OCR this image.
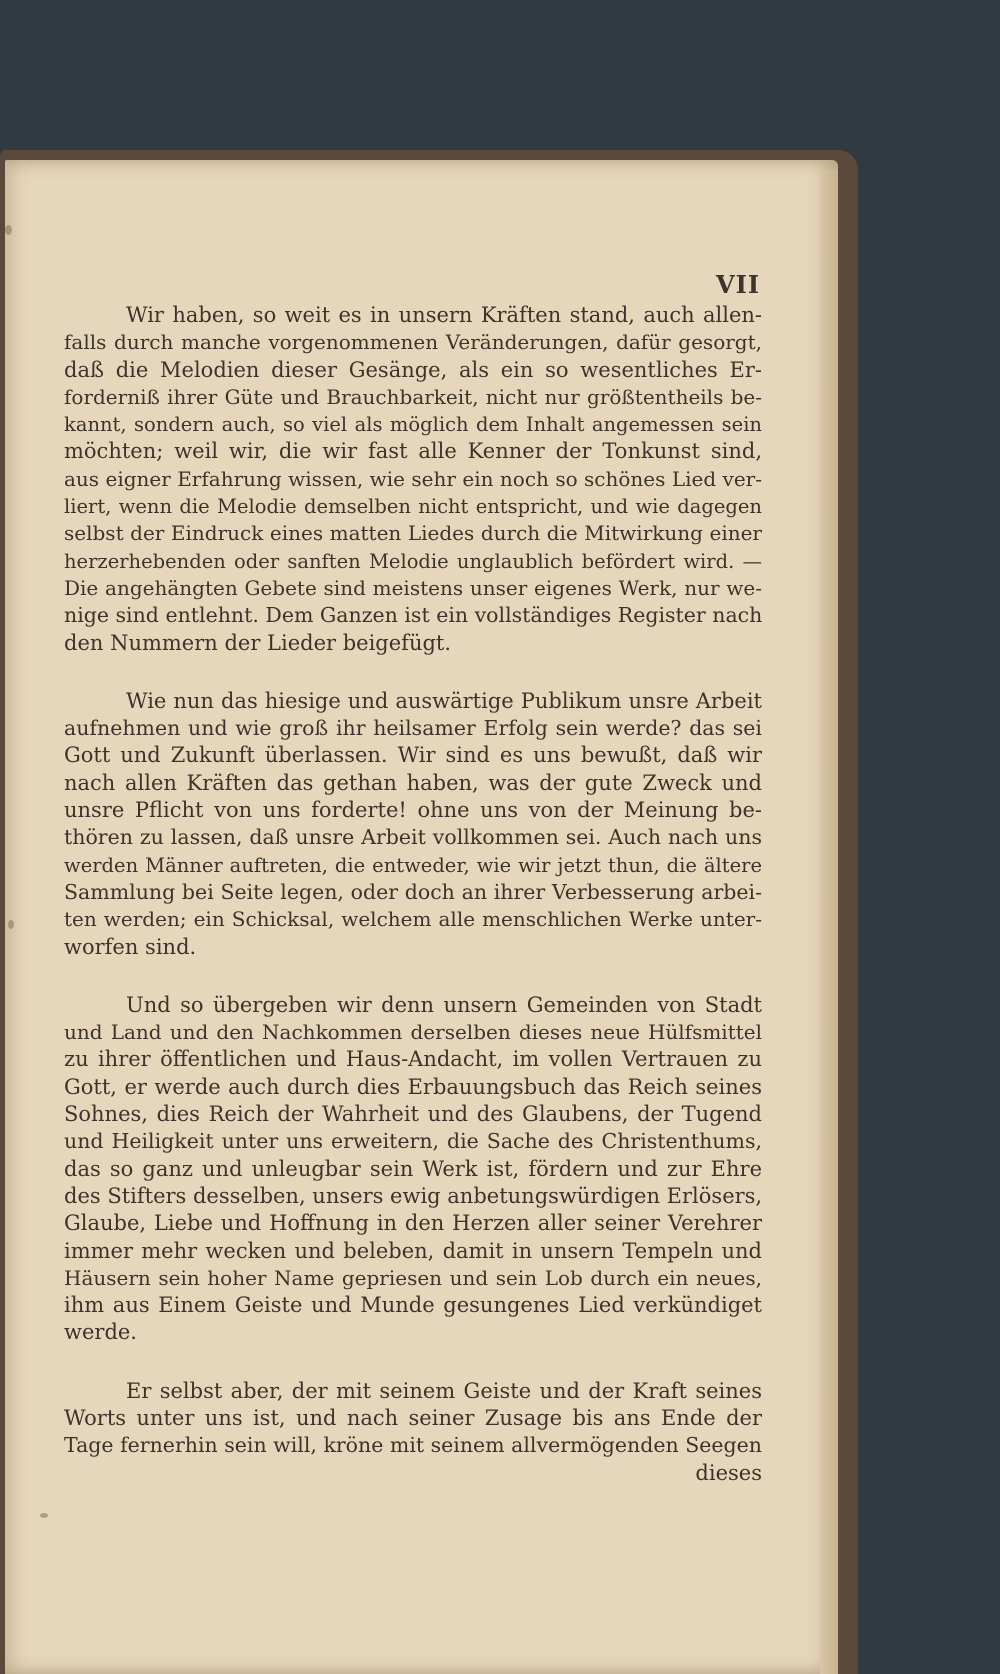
VII
Wir haben, so weit es in unsern Kräften stand, auch allen-
falls durch manche vorgenommenen Veränderungen, dafür gesorgt,
daß die Melodien dieser Gesänge, als ein so wesentliches Er-
forderniß ihrer Güte und Brauchbarkeit, nicht nur größtentheils be-
kannt, sondern auch, so viel als möglich dem Inhalt angemessen sein
möchten; weil wir, die wir fast alle Kenner der Tonkunst sind,
aus eigner Erfahrung wissen, wie sehr ein noch so schönes Lied ver-
liert, wenn die Melodie demselben nicht entspricht, und wie dagegen
selbst der Eindruck eines matten Liedes durch die Mitwirkung einer
herzerhebenden oder sanften Melodie unglaublich befördert wird. —
Die angehängten Gebete sind meistens unser eigenes Werk, nur we-
nige sind entlehnt. Dem Ganzen ist ein vollständiges Register nach
den Nummern der Lieder beigefügt.
Wie nun das hiesige und auswärtige Publikum unsre Arbeit
aufnehmen und wie groß ihr heilsamer Erfolg sein werde? das sei
Gott und Zukunft überlassen. Wir sind es uns bewußt, daß wir
nach allen Kräften das gethan haben, was der gute Zweck und
unsre Pflicht von uns forderte! ohne uns von der Meinung be-
thören zu lassen, daß unsre Arbeit vollkommen sei. Auch nach uns
werden Männer auftreten, die entweder, wie wir jetzt thun, die ältere
Sammlung bei Seite legen, oder doch an ihrer Verbesserung arbei-
ten werden; ein Schicksal, welchem alle menschlichen Werke unter-
worfen sind.
Und so übergeben wir denn unsern Gemeinden von Stadt
und Land und den Nachkommen derselben dieses neue Hülfsmittel
zu ihrer öffentlichen und Haus-Andacht, im vollen Vertrauen zu
Gott, er werde auch durch dies Erbauungsbuch das Reich seines
Sohnes, dies Reich der Wahrheit und des Glaubens, der Tugend
und Heiligkeit unter uns erweitern, die Sache des Christenthums,
das so ganz und unleugbar sein Werk ist, fördern und zur Ehre
des Stifters desselben, unsers ewig anbetungswürdigen Erlösers,
Glaube, Liebe und Hoffnung in den Herzen aller seiner Verehrer
immer mehr wecken und beleben, damit in unsern Tempeln und
Häusern sein hoher Name gepriesen und sein Lob durch ein neues,
ihm aus Einem Geiste und Munde gesungenes Lied verkündiget
werde.
Er selbst aber, der mit seinem Geiste und der Kraft seines
Worts unter uns ist, und nach seiner Zusage bis ans Ende der
Tage fernerhin sein will, kröne mit seinem allvermögenden Seegen
dieses
